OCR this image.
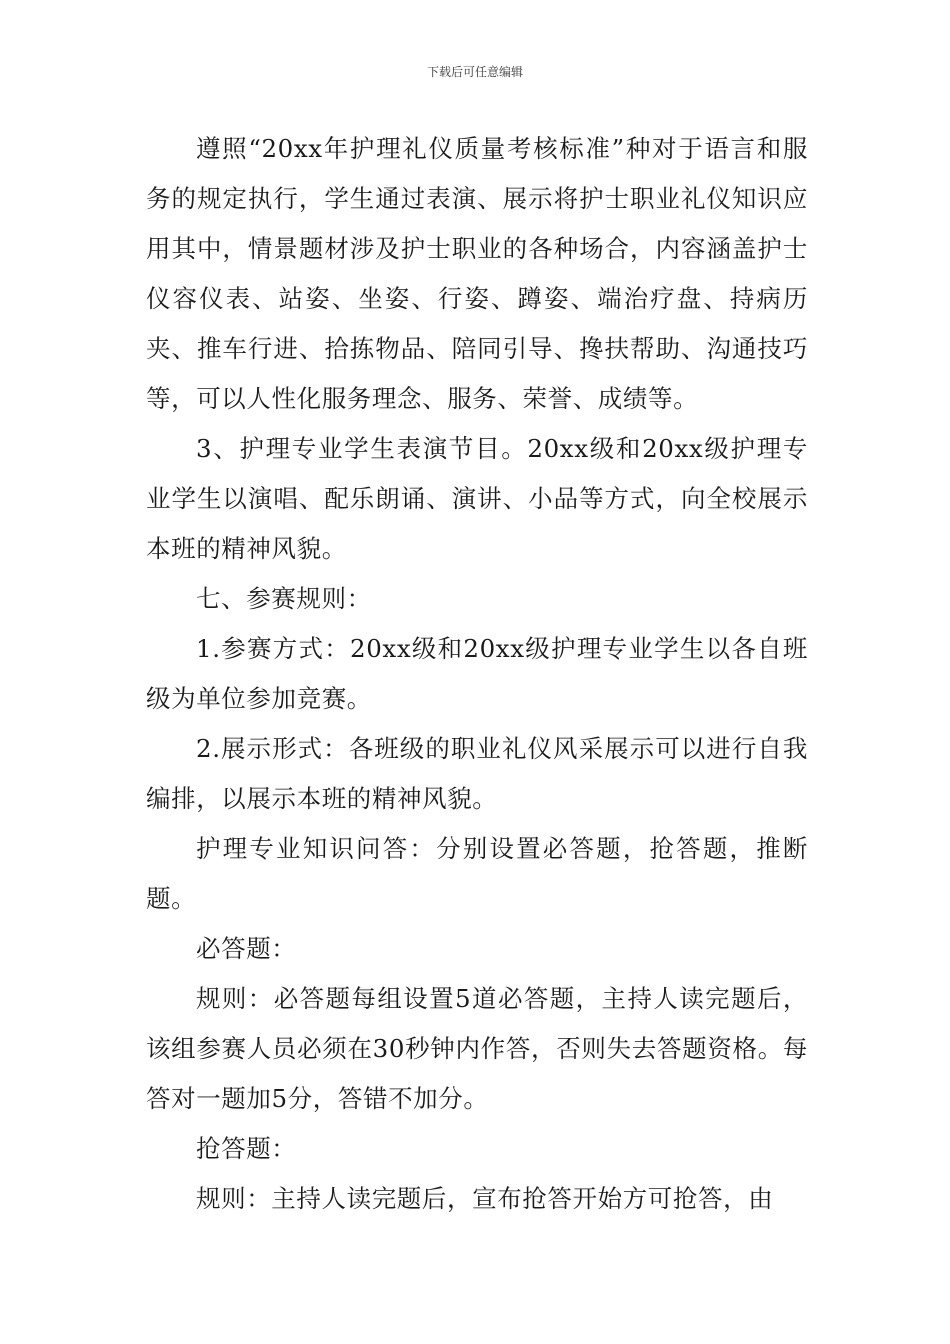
下载后可任意编辑

遵照“20xx年护理礼仪质量考核标准”种对于语言和服务的规定执行，学生通过表演、展示将护士职业礼仪知识应用其中，情景题材涉及护士职业的各种场合，内容涵盖护士仪容仪表、站姿、坐姿、行姿、蹲姿、端治疗盘、持病历夹、推车行进、拾拣物品、陪同引导、搀扶帮助、沟通技巧等，可以人性化服务理念、服务、荣誉、成绩等。

3、护理专业学生表演节目。20xx级和20xx级护理专业学生以演唱、配乐朗诵、演讲、小品等方式，向全校展示本班的精神风貌。

七、参赛规则：

1.参赛方式：20xx级和20xx级护理专业学生以各自班级为单位参加竞赛。

2.展示形式：各班级的职业礼仪风采展示可以进行自我编排，以展示本班的精神风貌。

护理专业知识问答：分别设置必答题，抢答题，推断题。

必答题：

规则：必答题每组设置5道必答题，主持人读完题后，该组参赛人员必须在30秒钟内作答，否则失去答题资格。每答对一题加5分，答错不加分。

抢答题：

规则：主持人读完题后，宣布抢答开始方可抢答，由
